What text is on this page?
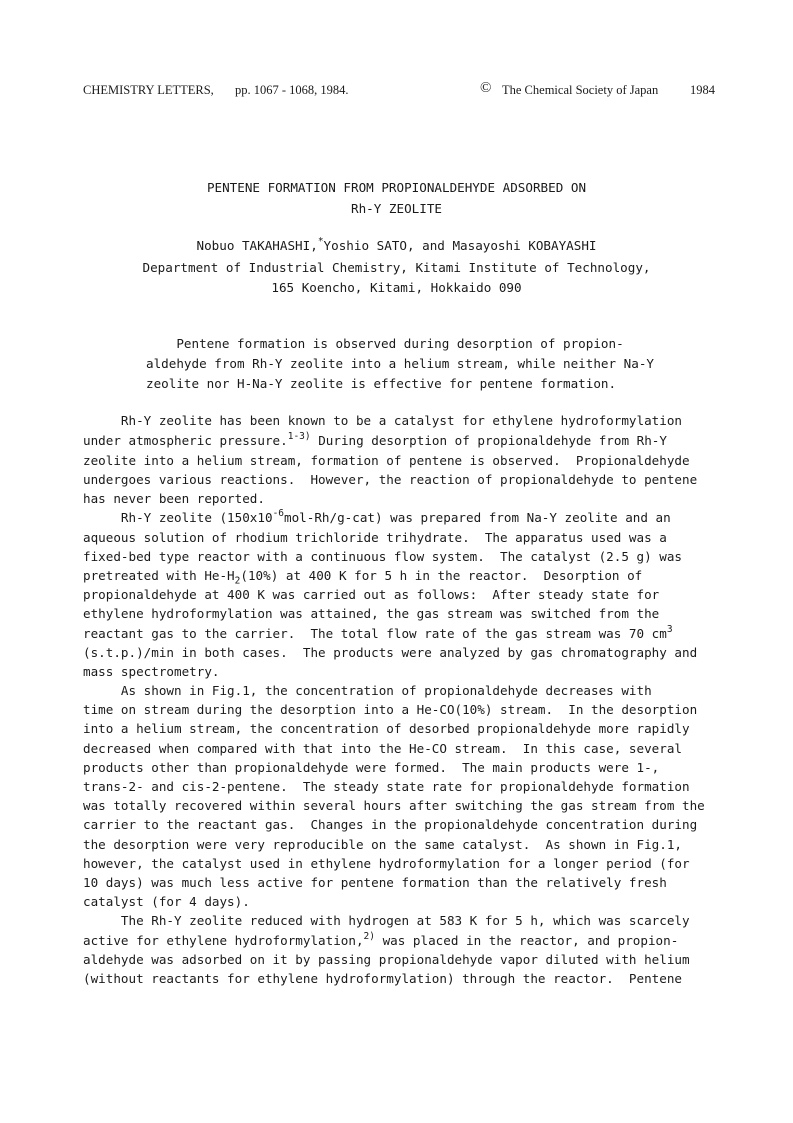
CHEMISTRY LETTERS, pp. 1067 - 1068, 1984.	© The Chemical Society of Japan	1984
PENTENE FORMATION FROM PROPIONALDEHYDE ADSORBED ON
Rh-Y ZEOLITE
Nobuo TAKAHASHI,*Yoshio SATO, and Masayoshi KOBAYASHI
Department of Industrial Chemistry, Kitami Institute of Technology,
165 Koencho, Kitami, Hokkaido 090
Pentene formation is observed during desorption of propion-
aldehyde from Rh-Y zeolite into a helium stream, while neither Na-Y
zeolite nor H-Na-Y zeolite is effective for pentene formation.
Rh-Y zeolite has been known to be a catalyst for ethylene hydroformylation
under atmospheric pressure.$^{1-3)}$ During desorption of propionaldehyde from Rh-Y
zeolite into a helium stream, formation of pentene is observed.  Propionaldehyde
undergoes various reactions.  However, the reaction of propionaldehyde to pentene
has never been reported.
Rh-Y zeolite $(150x10^{-6}mol-Rh/g-cat)$ was prepared from Na-Y zeolite and an
aqueous solution of rhodium trichloride trihydrate.  The apparatus used was a
fixed-bed type reactor with a continuous flow system.  The catalyst (2.5 g) was
pretreated with $He-H_2(10\%)$ at 400 K for 5 h in the reactor.  Desorption of
propionaldehyde at 400 K was carried out as follows:  After steady state for
ethylene hydroformylation was attained, the gas stream was switched from the
reactant gas to the carrier.  The total flow rate of the gas stream was 70 $cm^3$
(s.t.p.)/min in both cases.  The products were analyzed by gas chromatography and
mass spectrometry.
As shown in Fig.1, the concentration of propionaldehyde decreases with
time on stream during the desorption into a He-CO(10%) stream.  In the desorption
into a helium stream, the concentration of desorbed propionaldehyde more rapidly
decreased when compared with that into the He-CO stream.  In this case, several
products other than propionaldehyde were formed.  The main products were 1-,
trans-2- and cis-2-pentene.  The steady state rate for propionaldehyde formation
was totally recovered within several hours after switching the gas stream from the
carrier to the reactant gas.  Changes in the propionaldehyde concentration during
the desorption were very reproducible on the same catalyst.  As shown in Fig.1,
however, the catalyst used in ethylene hydroformylation for a longer period (for
10 days) was much less active for pentene formation than the relatively fresh
catalyst (for 4 days).
The Rh-Y zeolite reduced with hydrogen at 583 K for 5 h, which was scarcely
active for ethylene hydroformylation,$^{2)}$ was placed in the reactor, and propion-
aldehyde was adsorbed on it by passing propionaldehyde vapor diluted with helium
(without reactants for ethylene hydroformylation) through the reactor.  Pentene
